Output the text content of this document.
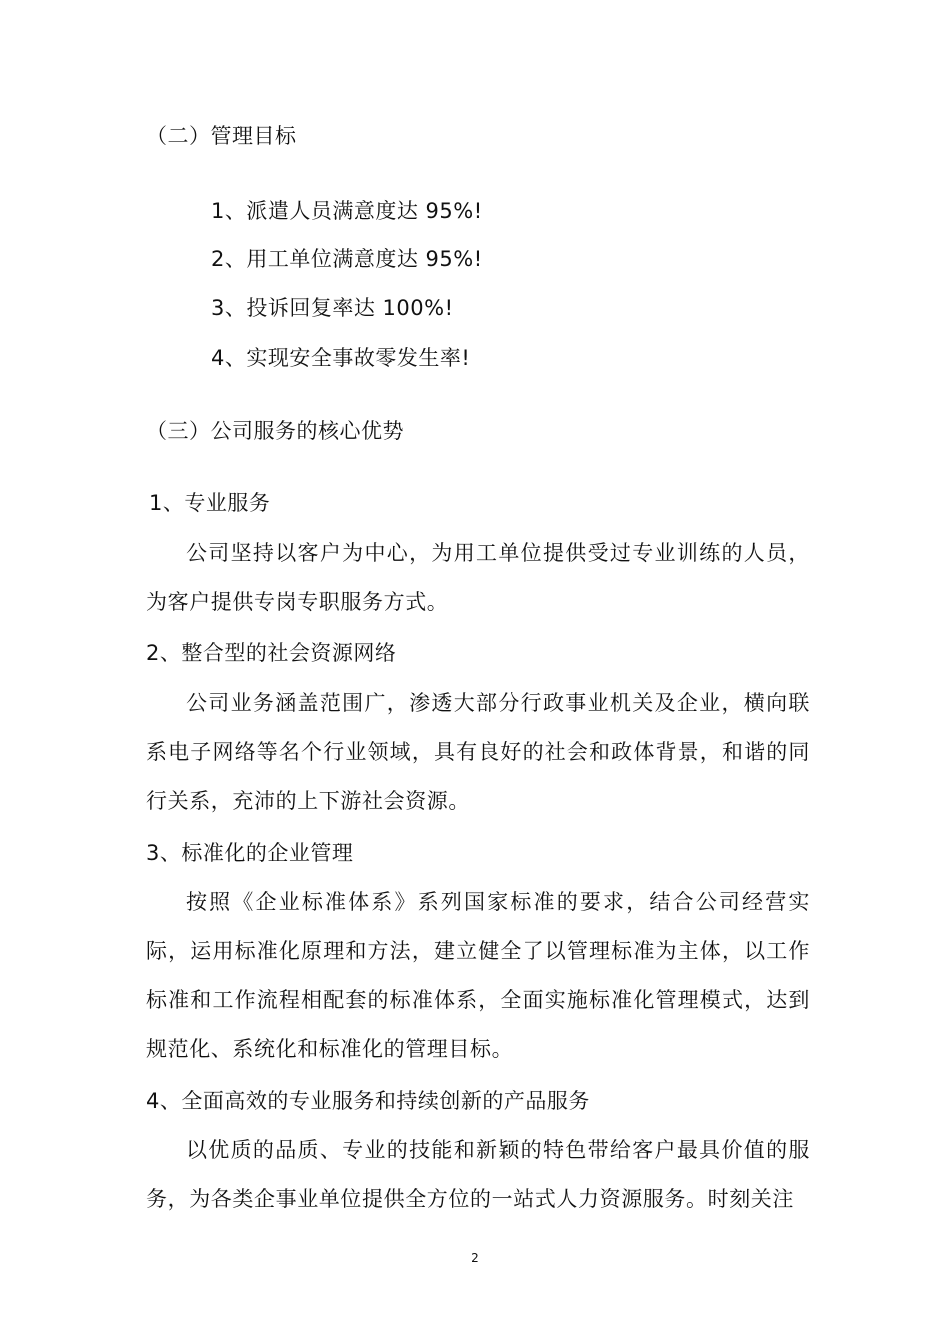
（二）管理目标
1、派遣人员满意度达 95%!
2、用工单位满意度达 95%!
3、投诉回复率达 100%!
4、实现安全事故零发生率!
（三）公司服务的核心优势
1、专业服务

公司坚持以客户为中心，为用工单位提供受过专业训练的人员，为客户提供专岗专职服务方式。

2、整合型的社会资源网络

公司业务涵盖范围广，渗透大部分行政事业机关及企业，横向联系电子网络等名个行业领域，具有良好的社会和政体背景，和谐的同行关系，充沛的上下游社会资源。

3、标准化的企业管理

按照《企业标准体系》系列国家标准的要求，结合公司经营实际，运用标准化原理和方法，建立健全了以管理标准为主体，以工作标准和工作流程相配套的标准体系，全面实施标准化管理模式，达到规范化、系统化和标准化的管理目标。

4、全面高效的专业服务和持续创新的产品服务

以优质的品质、专业的技能和新颖的特色带给客户最具价值的服务，为各类企事业单位提供全方位的一站式人力资源服务。时刻关注

2
